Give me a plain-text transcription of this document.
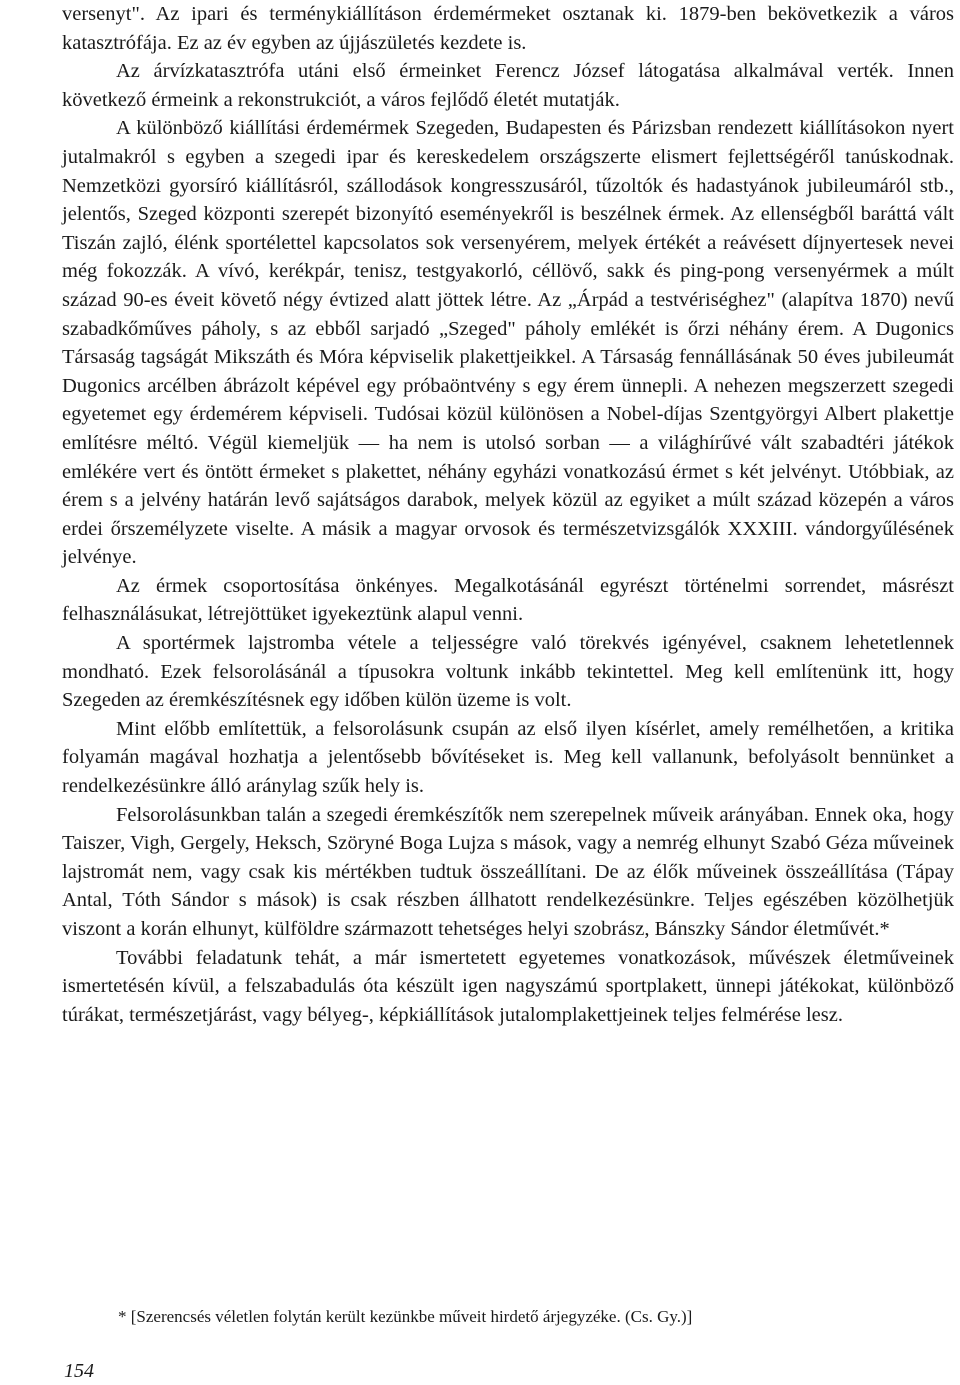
versenyt". Az ipari és terménykiállításon érdemérmeket osztanak ki. 1879-ben bekövetkezik a város katasztrófája. Ez az év egyben az újjászületés kezdete is.

Az árvízkatasztrófa utáni első érmeinket Ferencz József látogatása alkalmával verték. Innen következő érmeink a rekonstrukciót, a város fejlődő életét mutatják.

A különböző kiállítási érdemérmek Szegeden, Budapesten és Párizsban rendezett kiállításokon nyert jutalmakról s egyben a szegedi ipar és kereskedelem országszerte elismert fejlettségéről tanúskodnak. Nemzetközi gyorsíró kiállításról, szállodások kongresszusáról, tűzoltók és hadastyánok jubileumáról stb., jelentős, Szeged központi szerepét bizonyító eseményekről is beszélnek érmek. Az ellenségből baráttá vált Tiszán zajló, élénk sportélettel kapcsolatos sok versenyérem, melyek értékét a reávésett díjnyertesek nevei még fokozzák. A vívó, kerékpár, tenisz, testgyakorló, céllövő, sakk és ping-pong versenyérmek a múlt század 90-es éveit követő négy évtized alatt jöttek létre. Az „Árpád a testvériséghez" (alapítva 1870) nevű szabadkőműves páholy, s az ebből sarjadó „Szeged" páholy emlékét is őrzi néhány érem. A Dugonics Társaság tagságát Mikszáth és Móra képviselik plakettjeikkel. A Társaság fennállásának 50 éves jubileumát Dugonics arcélben ábrázolt képével egy próbaöntvény s egy érem ünnepli. A nehezen megszerzett szegedi egyetemet egy érdemérem képviseli. Tudósai közül különösen a Nobel-díjas Szentgyörgyi Albert plakettje említésre méltó. Végül kiemeljük — ha nem is utolsó sorban — a világhírűvé vált szabadtéri játékok emlékére vert és öntött érmeket s plakettet, néhány egyházi vonatkozású érmet s két jelvényt. Utóbbiak, az érem s a jelvény határán levő sajátságos darabok, melyek közül az egyiket a múlt század közepén a város erdei őrszemélyzete viselte. A másik a magyar orvosok és természetvizsgálók XXXIII. vándorgyűlésének jelvénye.

Az érmek csoportosítása önkényes. Megalkotásánál egyrészt történelmi sorrendet, másrészt felhasználásukat, létrejöttüket igyekeztünk alapul venni.

A sportérmek lajstromba vétele a teljességre való törekvés igényével, csaknem lehetetlennek mondható. Ezek felsorolásánál a típusokra voltunk inkább tekintettel. Meg kell említenünk itt, hogy Szegeden az éremkészítésnek egy időben külön üzeme is volt.

Mint előbb említettük, a felsorolásunk csupán az első ilyen kísérlet, amely remélhetően, a kritika folyamán magával hozhatja a jelentősebb bővítéseket is. Meg kell vallanunk, befolyásolt bennünket a rendelkezésünkre álló aránylag szűk hely is.

Felsorolásunkban talán a szegedi éremkészítők nem szerepelnek műveik arányában. Ennek oka, hogy Taiszer, Vigh, Gergely, Heksch, Szöryné Boga Lujza s mások, vagy a nemrég elhunyt Szabó Géza műveinek lajstromát nem, vagy csak kis mértékben tudtuk összeállítani. De az élők műveinek összeállítása (Tápay Antal, Tóth Sándor s mások) is csak részben állhatott rendelkezésünkre. Teljes egészében közölhetjük viszont a korán elhunyt, külföldre származott tehetséges helyi szobrász, Bánszky Sándor életművét.*

További feladatunk tehát, a már ismertetett egyetemes vonatkozások, művészek életműveinek ismertetésén kívül, a felszabadulás óta készült igen nagyszámú sportplakett, ünnepi játékokat, különböző túrákat, természetjárást, vagy bélyeg-, képkiállítások jutalomplakettjeinek teljes felmérése lesz.

* [Szerencsés véletlen folytán került kezünkbe műveit hirdető árjegyzéke. (Cs. Gy.)]
154
